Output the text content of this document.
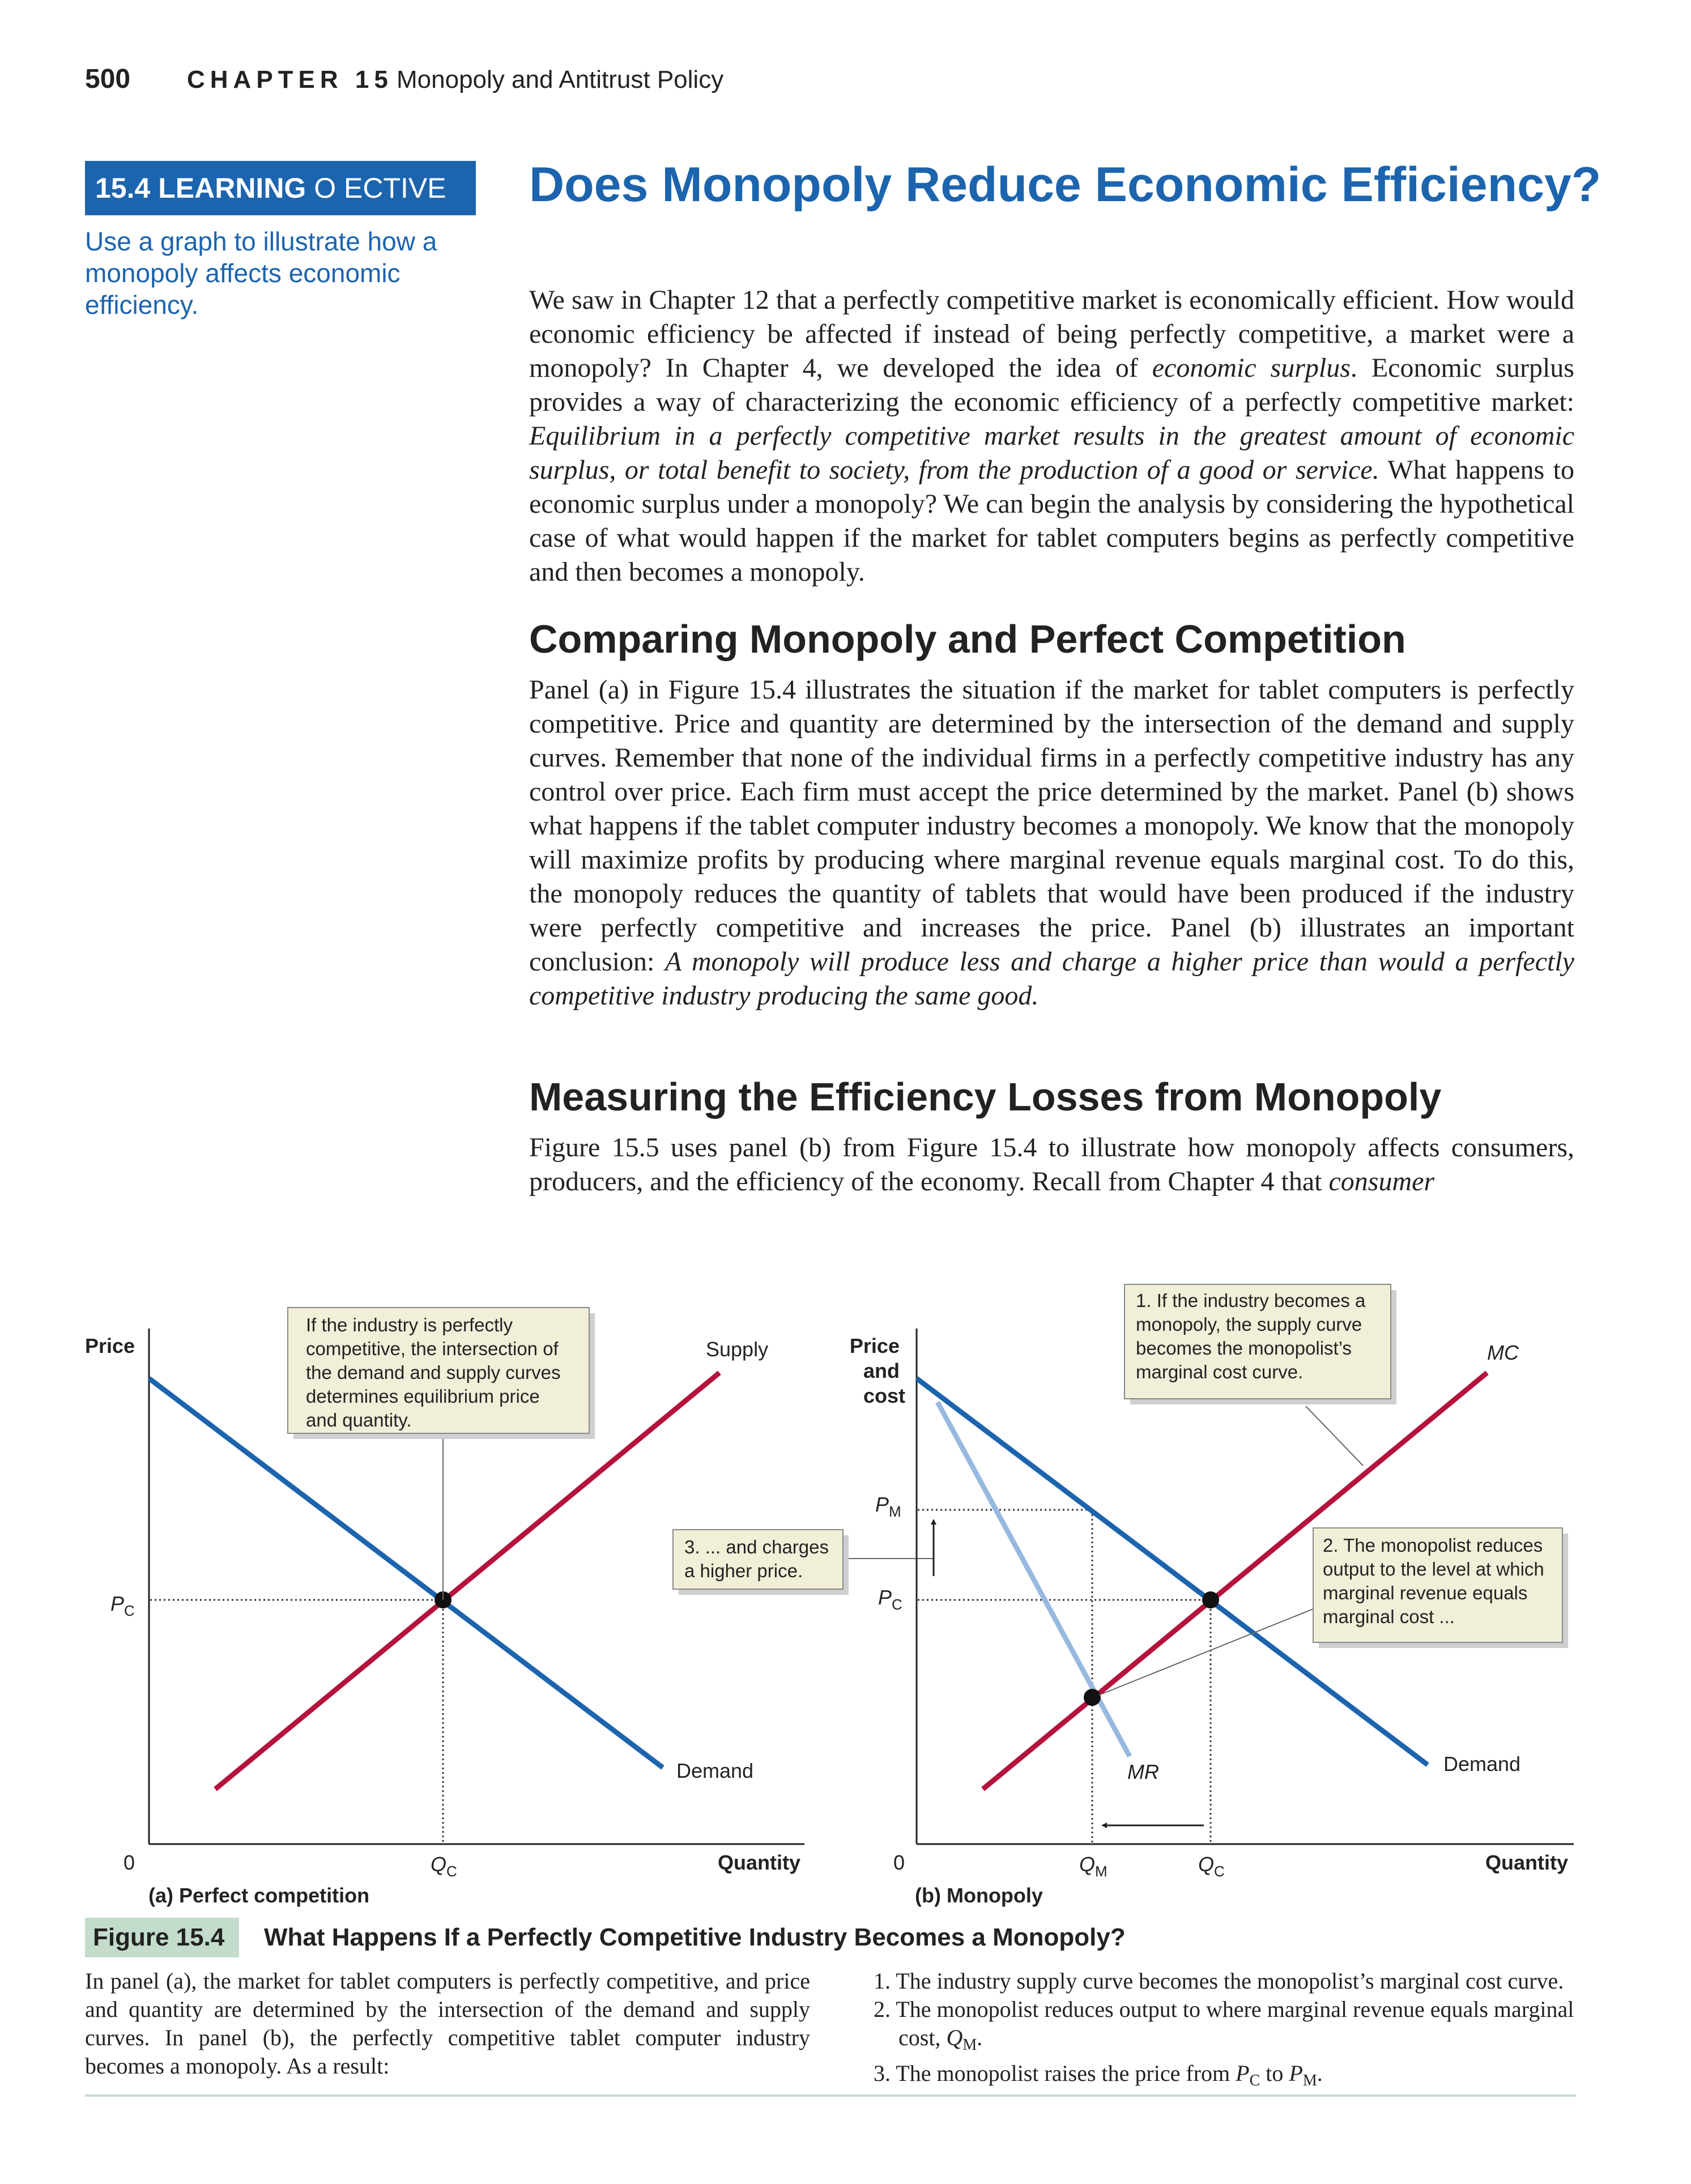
500 CHAPTER 15 Monopoly and Antitrust Policy
15.4 LEARNING O ECTIVE
Use a graph to illustrate how a monopoly affects economic efficiency.
Does Monopoly Reduce Economic Efficiency?
We saw in Chapter 12 that a perfectly competitive market is economically efficient. How would economic efficiency be affected if instead of being perfectly competitive, a market were a monopoly? In Chapter 4, we developed the idea of economic surplus. Economic surplus provides a way of characterizing the economic efficiency of a perfectly competitive market: Equilibrium in a perfectly competitive market results in the greatest amount of economic surplus, or total benefit to society, from the production of a good or service. What happens to economic surplus under a monopoly? We can begin the analysis by considering the hypothetical case of what would happen if the market for tablet computers begins as perfectly competitive and then becomes a monopoly.
Comparing Monopoly and Perfect Competition
Panel (a) in Figure 15.4 illustrates the situation if the market for tablet computers is perfectly competitive. Price and quantity are determined by the intersection of the demand and supply curves. Remember that none of the individual firms in a perfectly competitive industry has any control over price. Each firm must accept the price determined by the market. Panel (b) shows what happens if the tablet computer industry becomes a monopoly. We know that the monopoly will maximize profits by producing where marginal revenue equals marginal cost. To do this, the monopoly reduces the quantity of tablets that would have been produced if the industry were perfectly competitive and increases the price. Panel (b) illustrates an important conclusion: A monopoly will produce less and charge a higher price than would a perfectly competitive industry producing the same good.
Measuring the Efficiency Losses from Monopoly
Figure 15.5 uses panel (b) from Figure 15.4 to illustrate how monopoly affects consumers, producers, and the efficiency of the economy. Recall from Chapter 4 that consumer
Price
Quantity
0
Supply
Demand
$P_C$
$Q_C$
If the industry is perfectly competitive, the intersection of the demand and supply curves determines equilibrium price and quantity.
(a) Perfect competition
3. ... and charges a higher price.
Price and cost
Quantity
0
MC
MR	Demand
$P_M$
$P_C$
$Q_M$	$Q_C$
1. If the industry becomes a monopoly, the supply curve becomes the monopolist’s marginal cost curve.
2. The monopolist reduces output to the level at which marginal revenue equals marginal cost ...
(b) Monopoly
Figure 15.4	What Happens If a Perfectly Competitive Industry Becomes a Monopoly?
In panel (a), the market for tablet computers is perfectly competitive, and price and quantity are determined by the intersection of the demand and supply curves. In panel (b), the perfectly competitive tablet computer industry becomes a monopoly. As a result:
1. The industry supply curve becomes the monopolist’s marginal cost curve.
2. The monopolist reduces output to where marginal revenue equals marginal cost, $Q_M$.
3. The monopolist raises the price from $P_C$ to $P_M$.
